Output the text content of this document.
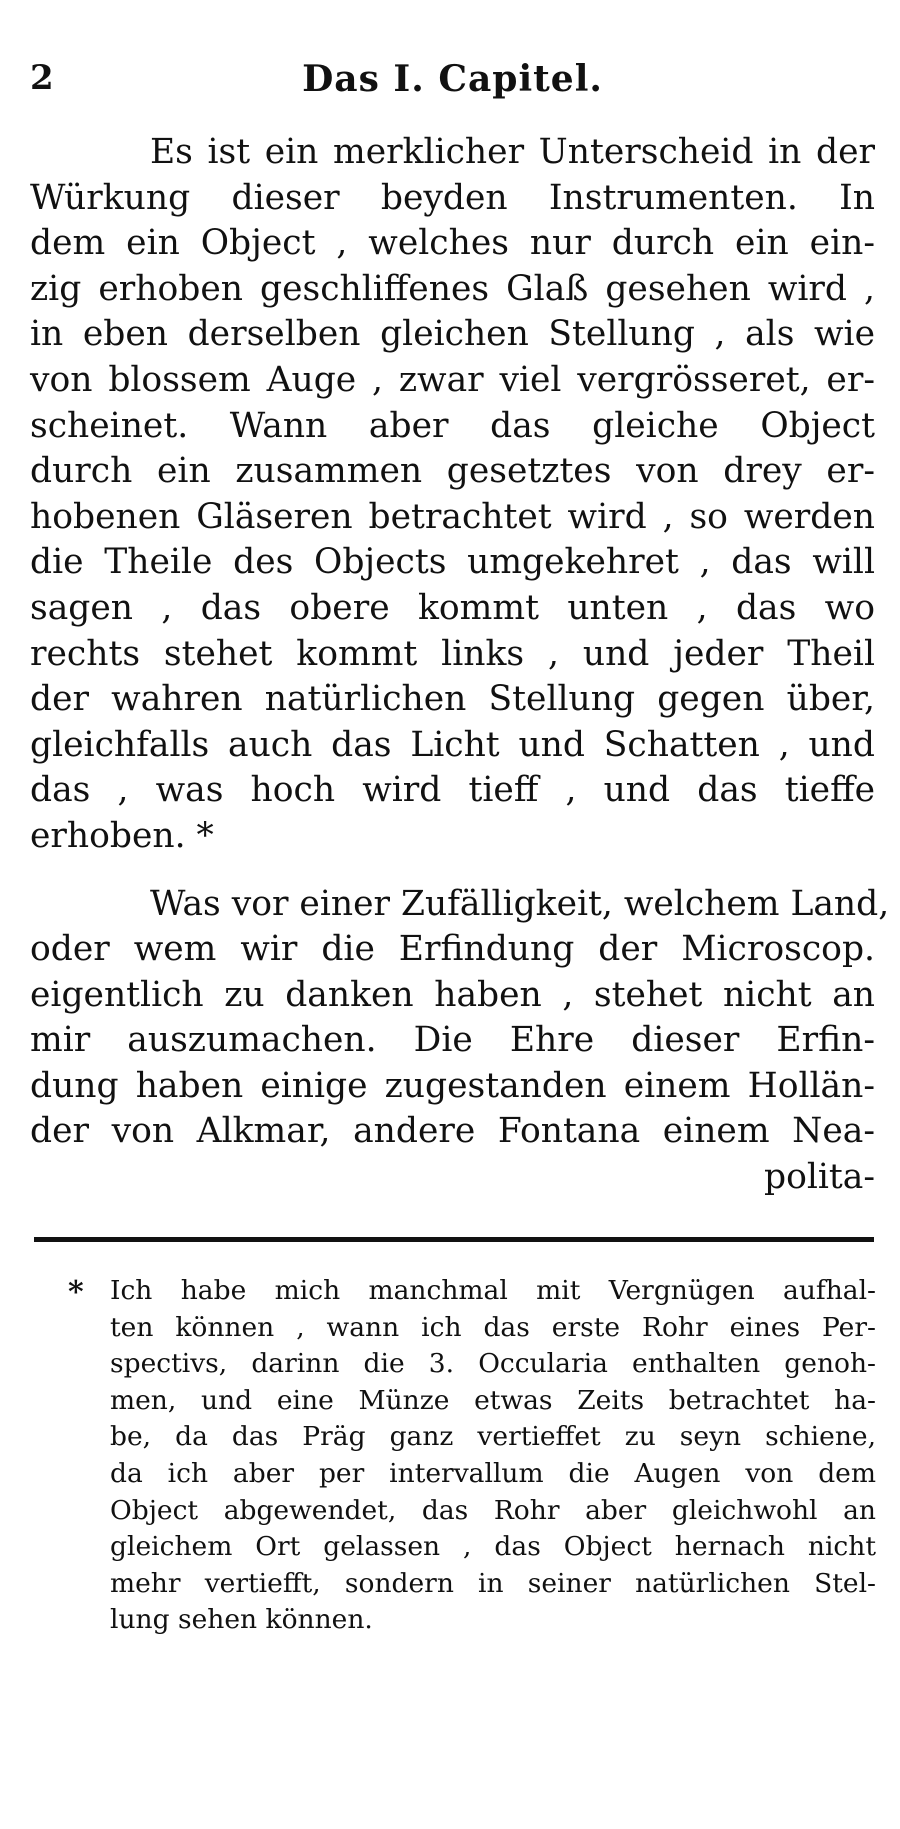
2	Das I. Capitel.

Es ist ein merklicher Unterscheid in der
Würkung dieser beyden Instrumenten. In
dem ein Object , welches nur durch ein ein-
zig erhoben geschliffenes Glaß gesehen wird ,
in eben derselben gleichen Stellung , als wie
von blossem Auge , zwar viel vergrösseret, er-
scheinet. Wann aber das gleiche Object
durch ein zusammen gesetztes von drey er-
hobenen Gläseren betrachtet wird , so werden
die Theile des Objects umgekehret , das will
sagen , das obere kommt unten , das wo
rechts stehet kommt links , und jeder Theil
der wahren natürlichen Stellung gegen über,
gleichfalls auch das Licht und Schatten , und
das , was hoch wird tieff , und das tieffe
erhoben. *

Was vor einer Zufälligkeit, welchem Land,
oder wem wir die Erfindung der Microscop.
eigentlich zu danken haben , stehet nicht an
mir auszumachen. Die Ehre dieser Erfin-
dung haben einige zugestanden einem Hollän-
der von Alkmar, andere Fontana einem Nea-
polita-

* Ich habe mich manchmal mit Vergnügen aufhal-
ten können , wann ich das erste Rohr eines Per-
spectivs, darinn die 3. Occularia enthalten genoh-
men, und eine Münze etwas Zeits betrachtet ha-
be, da das Präg ganz vertieffet zu seyn schiene,
da ich aber per intervallum die Augen von dem
Object abgewendet, das Rohr aber gleichwohl an
gleichem Ort gelassen , das Object hernach nicht
mehr vertiefft, sondern in seiner natürlichen Stel-
lung sehen können.
